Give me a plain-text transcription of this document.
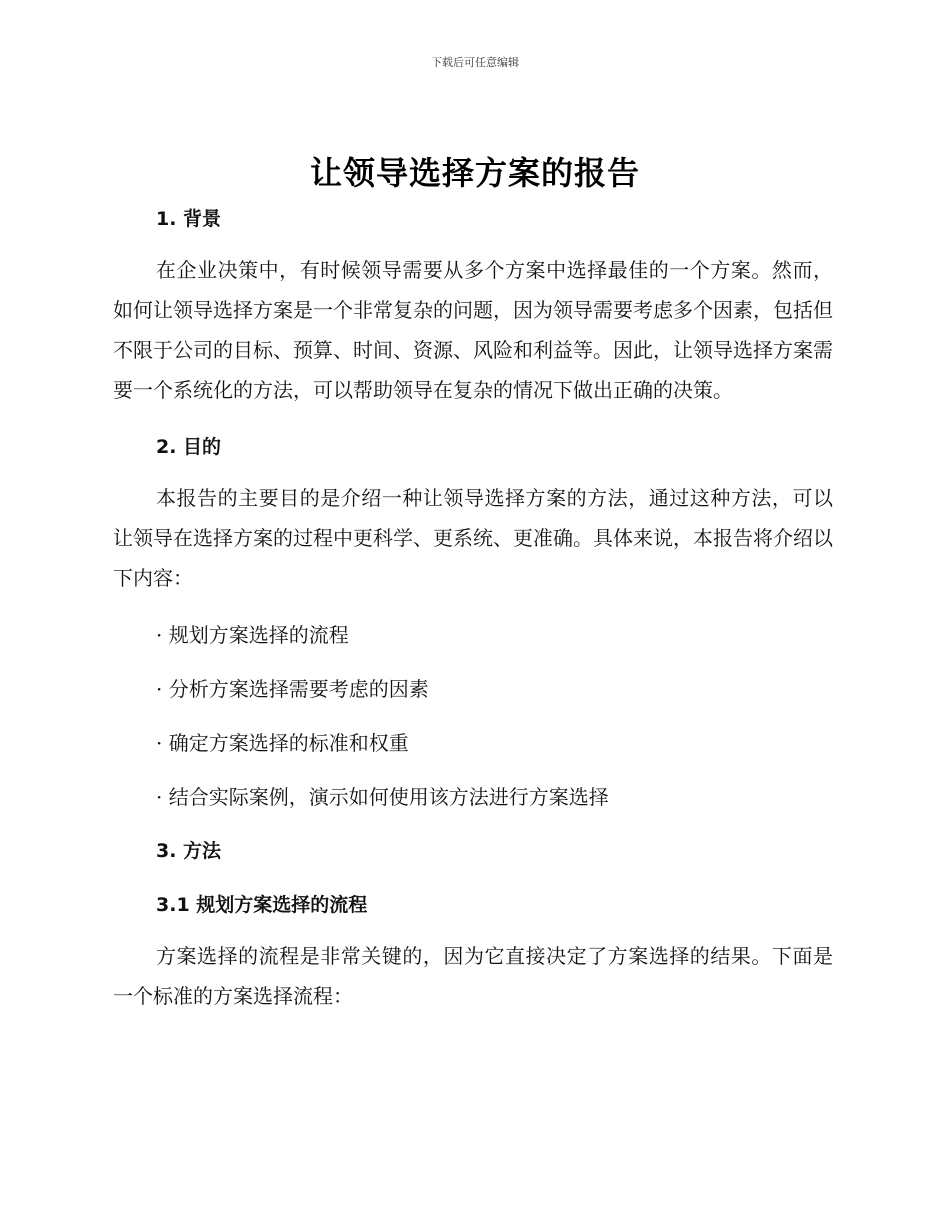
下载后可任意编辑
让领导选择方案的报告
1. 背景

在企业决策中，有时候领导需要从多个方案中选择最佳的一个方案。然而，如何让领导选择方案是一个非常复杂的问题，因为领导需要考虑多个因素，包括但不限于公司的目标、预算、时间、资源、风险和利益等。因此，让领导选择方案需要一个系统化的方法，可以帮助领导在复杂的情况下做出正确的决策。

2. 目的

本报告的主要目的是介绍一种让领导选择方案的方法，通过这种方法，可以让领导在选择方案的过程中更科学、更系统、更准确。具体来说，本报告将介绍以下内容：

· 规划方案选择的流程
· 分析方案选择需要考虑的因素
· 确定方案选择的标准和权重
· 结合实际案例，演示如何使用该方法进行方案选择
3. 方法
3.1 规划方案选择的流程

方案选择的流程是非常关键的，因为它直接决定了方案选择的结果。下面是一个标准的方案选择流程：
